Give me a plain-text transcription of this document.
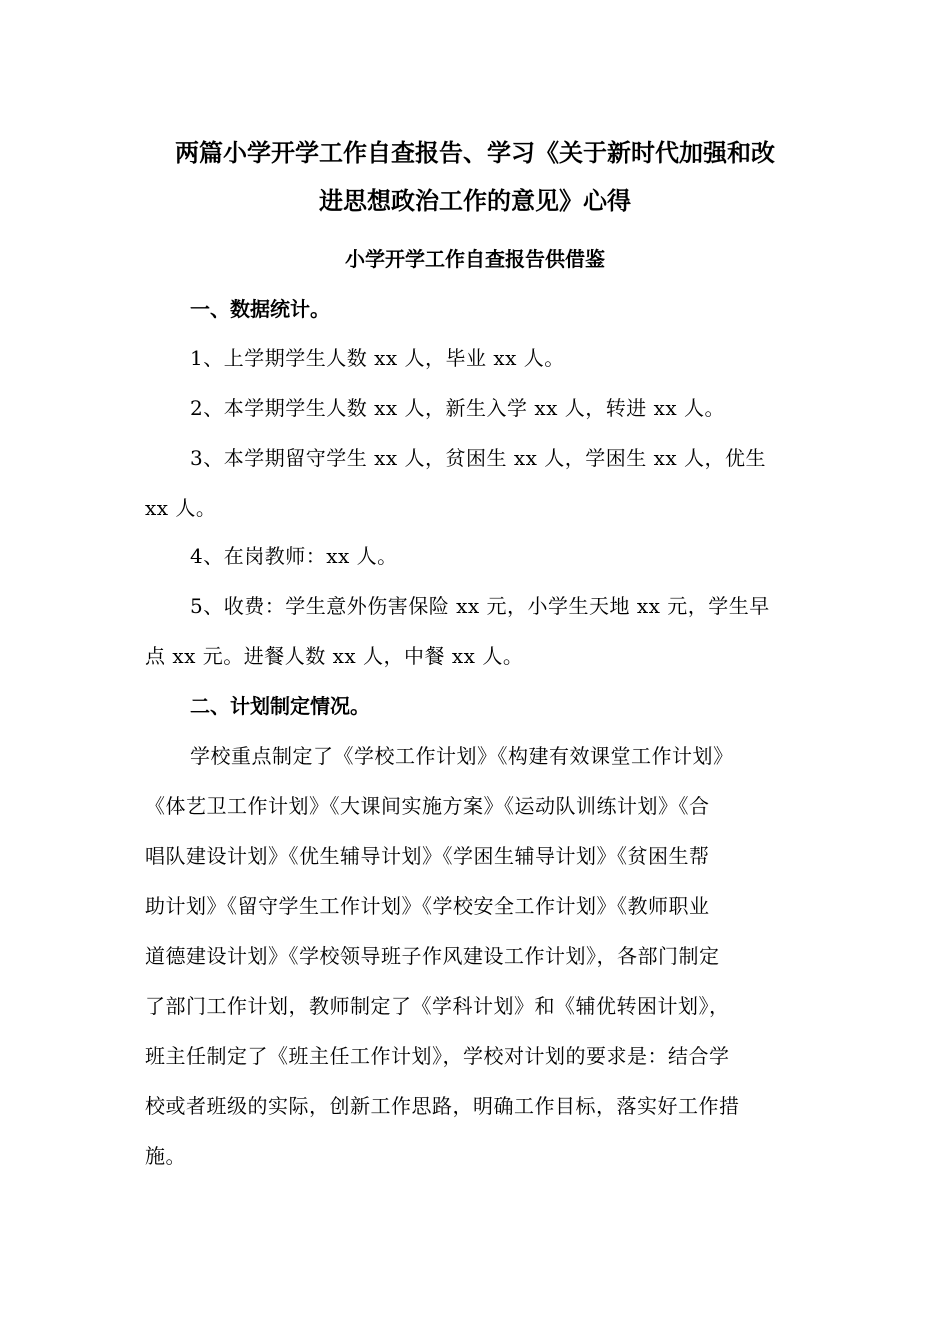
两篇小学开学工作自查报告、学习《关于新时代加强和改
进思想政治工作的意见》心得
小学开学工作自查报告供借鉴
一、数据统计。
1、上学期学生人数 xx 人，毕业 xx 人。
2、本学期学生人数 xx 人，新生入学 xx 人，转进 xx 人。
3、本学期留守学生 xx 人，贫困生 xx 人，学困生 xx 人，优生
xx 人。
4、在岗教师：xx 人。
5、收费：学生意外伤害保险 xx 元，小学生天地 xx 元，学生早
点 xx 元。进餐人数 xx 人，中餐 xx 人。
二、计划制定情况。
学校重点制定了《学校工作计划》《构建有效课堂工作计划》
《体艺卫工作计划》《大课间实施方案》《运动队训练计划》《合
唱队建设计划》《优生辅导计划》《学困生辅导计划》《贫困生帮
助计划》《留守学生工作计划》《学校安全工作计划》《教师职业
道德建设计划》《学校领导班子作风建设工作计划》，各部门制定
了部门工作计划，教师制定了《学科计划》和《辅优转困计划》，
班主任制定了《班主任工作计划》，学校对计划的要求是：结合学
校或者班级的实际，创新工作思路，明确工作目标，落实好工作措
施。
